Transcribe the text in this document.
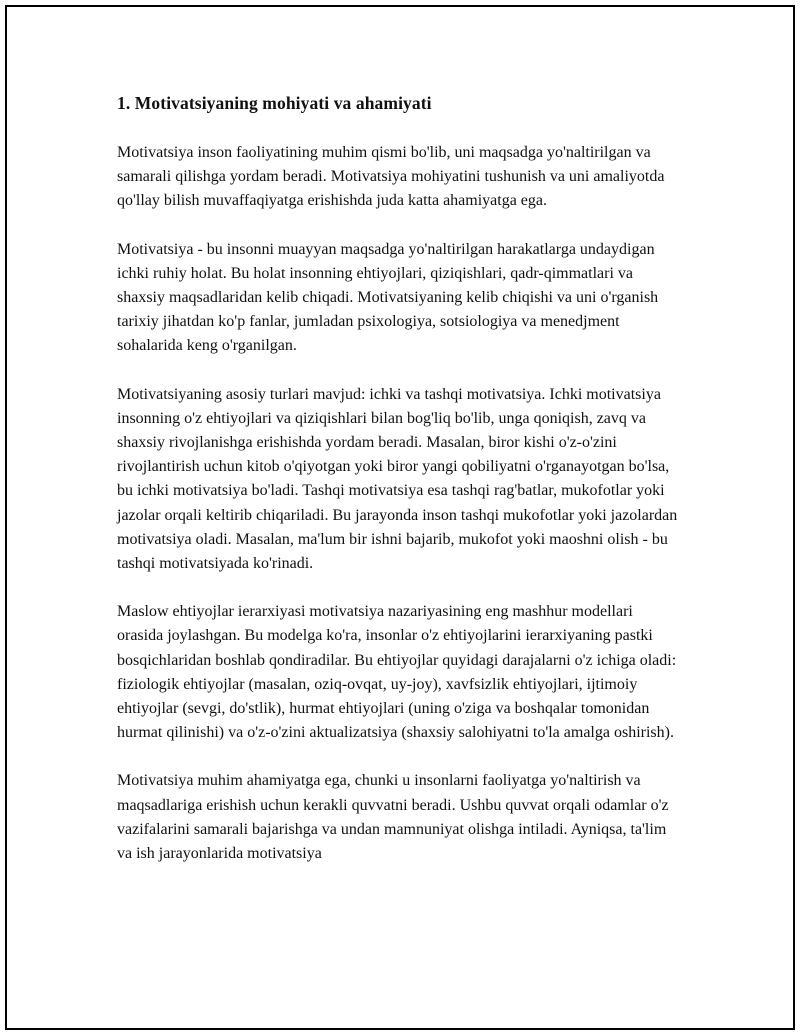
1. Motivatsiyaning mohiyati va ahamiyati

Motivatsiya inson faoliyatining muhim qismi bo'lib, uni maqsadga yo'naltirilgan va samarali qilishga yordam beradi. Motivatsiya mohiyatini tushunish va uni amaliyotda qo'llay bilish muvaffaqiyatga erishishda juda katta ahamiyatga ega.

Motivatsiya - bu insonni muayyan maqsadga yo'naltirilgan harakatlarga undaydigan ichki ruhiy holat. Bu holat insonning ehtiyojlari, qiziqishlari, qadr-qimmatlari va shaxsiy maqsadlaridan kelib chiqadi. Motivatsiyaning kelib chiqishi va uni o'rganish tarixiy jihatdan ko'p fanlar, jumladan psixologiya, sotsiologiya va menedjment sohalarida keng o'rganilgan.

Motivatsiyaning asosiy turlari mavjud: ichki va tashqi motivatsiya. Ichki motivatsiya insonning o'z ehtiyojlari va qiziqishlari bilan bog'liq bo'lib, unga qoniqish, zavq va shaxsiy rivojlanishga erishishda yordam beradi. Masalan, biror kishi o'z-o'zini rivojlantirish uchun kitob o'qiyotgan yoki biror yangi qobiliyatni o'rganayotgan bo'lsa, bu ichki motivatsiya bo'ladi. Tashqi motivatsiya esa tashqi rag'batlar, mukofotlar yoki jazolar orqali keltirib chiqariladi. Bu jarayonda inson tashqi mukofotlar yoki jazolardan motivatsiya oladi. Masalan, ma'lum bir ishni bajarib, mukofot yoki maoshni olish - bu tashqi motivatsiyada ko'rinadi.

Maslow ehtiyojlar ierarxiyasi motivatsiya nazariyasining eng mashhur modellari orasida joylashgan. Bu modelga ko'ra, insonlar o'z ehtiyojlarini ierarxiyaning pastki bosqichlaridan boshlab qondiradilar. Bu ehtiyojlar quyidagi darajalarni o'z ichiga oladi: fiziologik ehtiyojlar (masalan, oziq-ovqat, uy-joy), xavfsizlik ehtiyojlari, ijtimoiy ehtiyojlar (sevgi, do'stlik), hurmat ehtiyojlari (uning o'ziga va boshqalar tomonidan hurmat qilinishi) va o'z-o'zini aktualizatsiya (shaxsiy salohiyatni to'la amalga oshirish).

Motivatsiya muhim ahamiyatga ega, chunki u insonlarni faoliyatga yo'naltirish va maqsadlariga erishish uchun kerakli quvvatni beradi. Ushbu quvvat orqali odamlar o'z vazifalarini samarali bajarishga va undan mamnuniyat olishga intiladi. Ayniqsa, ta'lim va ish jarayonlarida motivatsiya
